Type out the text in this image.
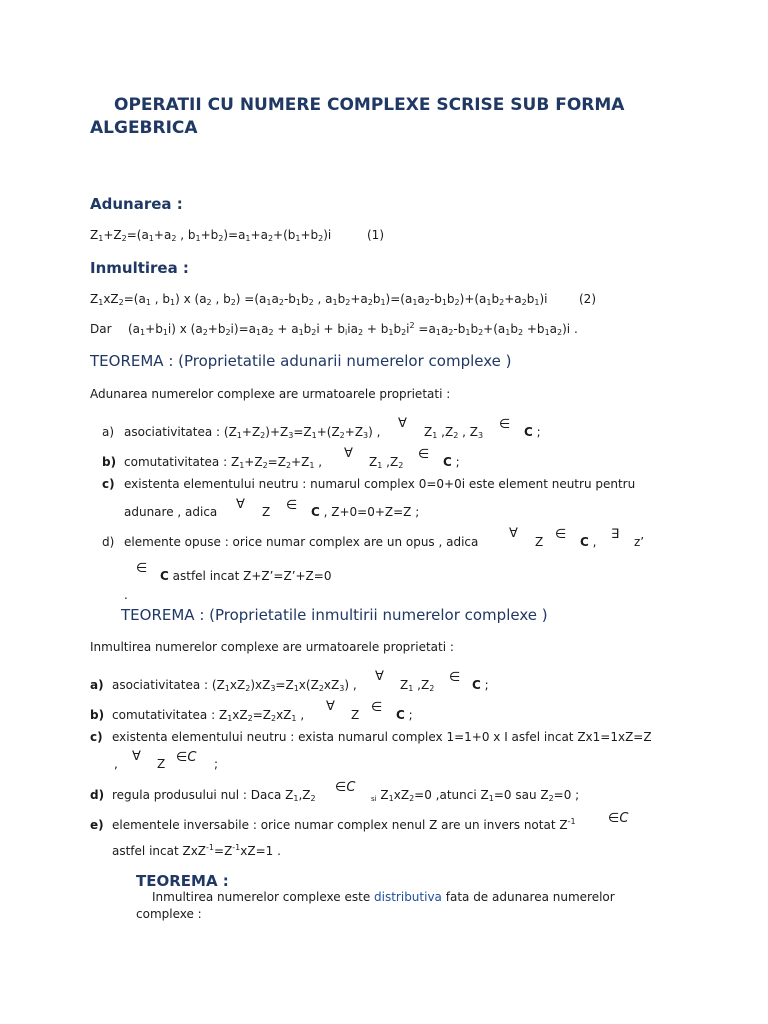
OPERATII CU NUMERE COMPLEXE SCRISE SUB FORMA
ALGEBRICA
Adunarea :
$Z_1+Z_2=(a_1+a_2$ , $b_1+b_2)=a_1+a_2+(b_1+b_2)i$	(1)
Inmultirea :
$Z_1xZ_2=(a_1$ , $b_1$) x ($a_2$ , $b_2) =(a_1a_2-b_1b_2$ , $a_1b_2+a_2b_1)=(a_1a_2-b_1b_2)+(a_1b_2+a_2b_1)i$	(2)
Dar $(a_1+b_1i)$ x $(a_2+b_2i)=a_1a_2 + a_1b_2i + b_iia_2 + b_1b_2i^2 =a_1a_2-b_1b_2+(a_1b_2 +b_1a_2)i$ .
TEOREMA : (Proprietatile adunarii numerelor complexe )
Adunarea numerelor complexe are urmatoarele proprietati :
a) asociativitatea : $(Z_1+Z_2)+Z_3=Z_1+(Z_2+Z_3)$ ,
∀
$Z_1$ $,Z_2$ , $Z_3$
∈ C ;
b) comutativitatea : $Z_1+Z_2=Z_2+Z_1$ ,
∀
$Z_1$ $,Z_2$
∈ C ;
c) existenta elementului neutru : numarul complex 0=0+0i este element neutru pentru
adunare , adica ∀ Z ∈ C , Z+0=0+Z=Z ;
d) elemente opuse : orice numar complex are un opus , adica
∀
Z ∈ C , ∃ z’
∈ C astfel incat Z+Z’=Z’+Z=0
.
TEOREMA : (Proprietatile inmultirii numerelor complexe )
Inmultirea numerelor complexe are urmatoarele proprietati :
a) asociativitatea : $(Z_1xZ_2)xZ_3=Z_1x(Z_2xZ_3)$ ,
∀
$Z_1$ $,Z_2$
∈ C ;
b) comutativitatea : $Z_1xZ_2=Z_2xZ_1$ ,
∀
Z ∈ C ;
c) existenta elementului neutru : exista numarul complex 1=1+0 x I asfel incat Zx1=1xZ=Z
, ∀ Z ∈C ;
d) regula produsului nul : Daca $Z_1,Z_2$
∈C
si $Z_1xZ_2=0$ ,atunci $Z_1=0$ sau $Z_2=0$ ;
e) elementele inversabile : orice numar complex nenul Z are un invers notat $Z^{-1}$ ∈C
astfel incat $ZxZ^{-1}=Z^{-1}xZ=1$ .
TEOREMA :
Inmultirea numerelor complexe este distributiva fata de adunarea numerelor
complexe :
